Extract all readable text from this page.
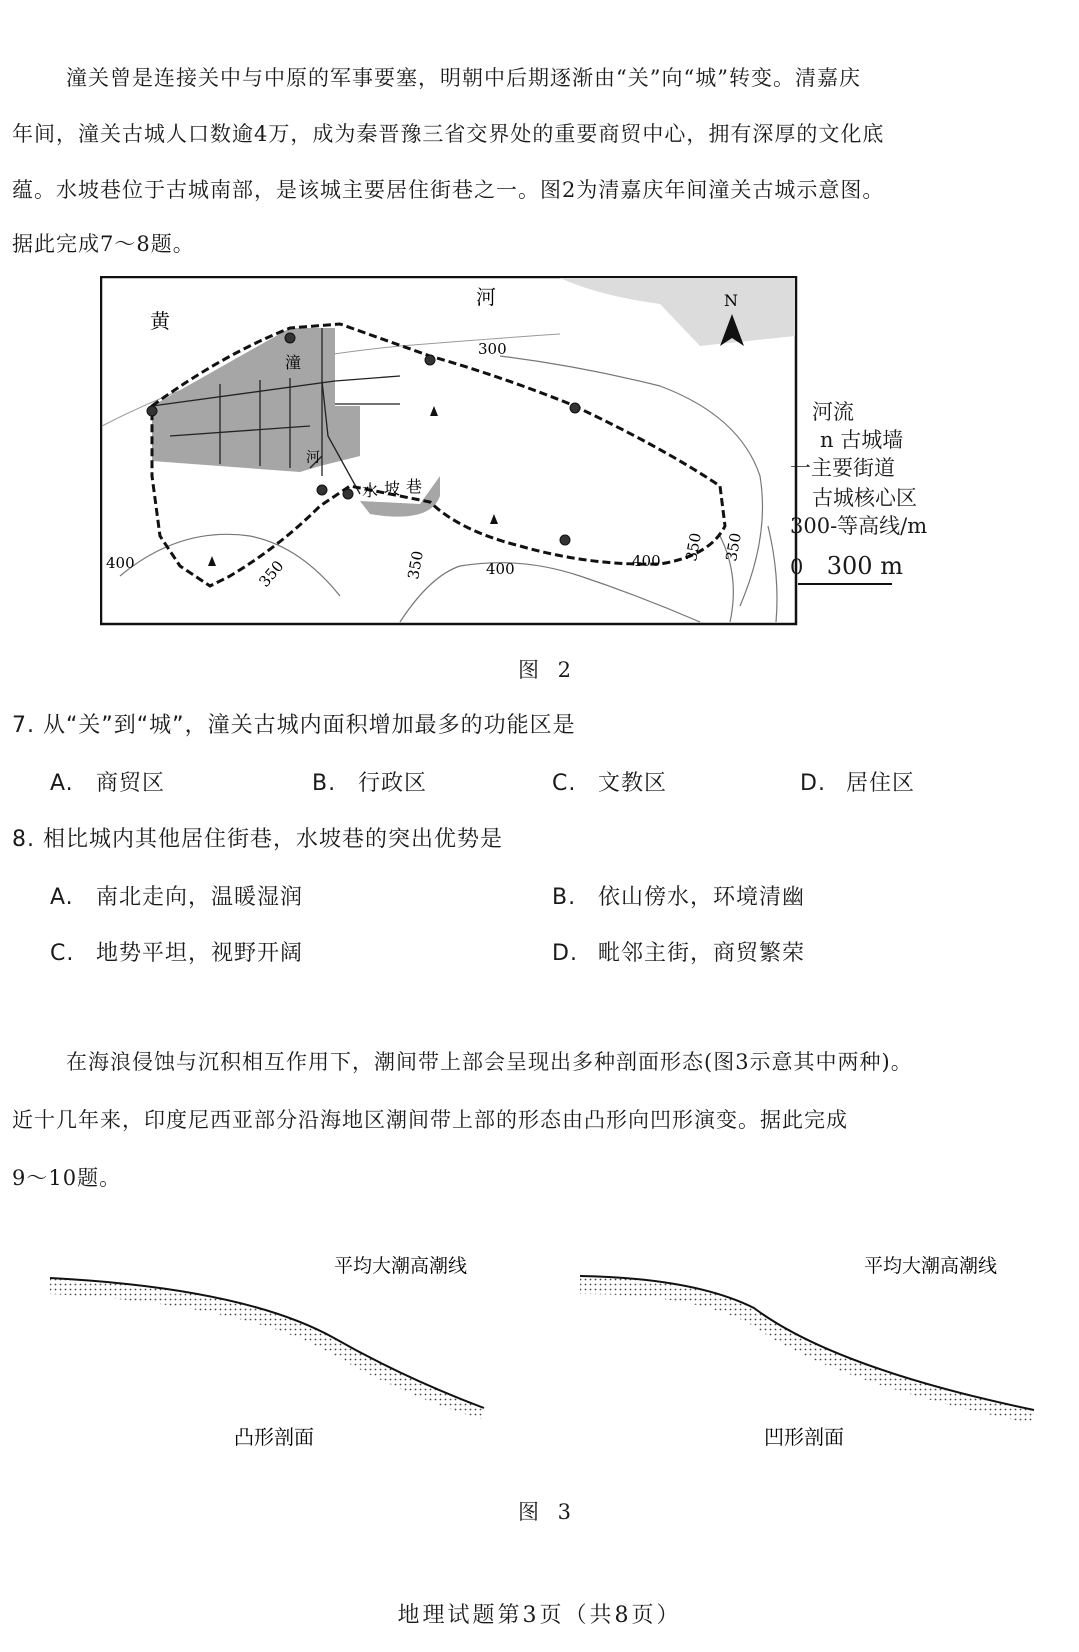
潼关曾是连接关中与中原的军事要塞，明朝中后期逐渐由“关”向“城”转变。清嘉庆

年间，潼关古城人口数逾4万，成为秦晋豫三省交界处的重要商贸中心，拥有深厚的文化底

蕴。水坡巷位于古城南部，是该城主要居住街巷之一。图2为清嘉庆年间潼关古城示意图。

据此完成7～8题。

N
黄
河
潼
河
水 坡 巷
300
400	350	350	400	400 350 350
河流
n 古城墙
一主要街道
古城核心区
300-等高线/m
0 300 m
图 2
7. 从“关”到“城”，潼关古城内面积增加最多的功能区是
A. 商贸区	B. 行政区	C. 文教区	D. 居住区
8. 相比城内其他居住街巷，水坡巷的突出优势是
A. 南北走向，温暖湿润	B. 依山傍水，环境清幽
C. 地势平坦，视野开阔	D. 毗邻主街，商贸繁荣

在海浪侵蚀与沉积相互作用下，潮间带上部会呈现出多种剖面形态(图3示意其中两种)。

近十几年来，印度尼西亚部分沿海地区潮间带上部的形态由凸形向凹形演变。据此完成

9～10题。

平均大潮高潮线
凸形剖面
平均大潮高潮线
凹形剖面
图 3
地理试题第3页（共8页）
